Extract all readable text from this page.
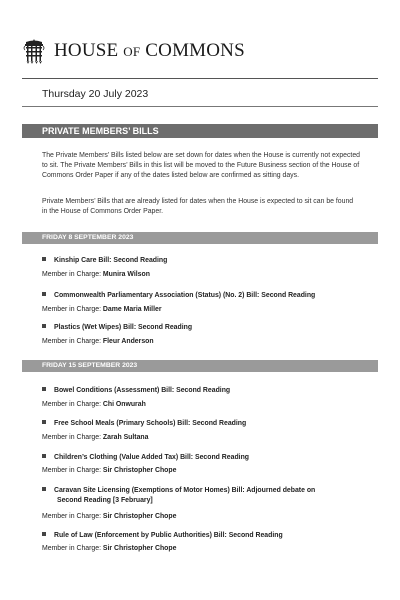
HOUSE OF COMMONS
Thursday 20 July 2023
PRIVATE MEMBERS’ BILLS
The Private Members’ Bills listed below are set down for dates when the House is currently not expected to sit. The Private Members’ Bills in this list will be moved to the Future Business section of the House of Commons Order Paper if any of the dates listed below are confirmed as sitting days.
Private Members’ Bills that are already listed for dates when the House is expected to sit can be found in the House of Commons Order Paper.
FRIDAY 8 SEPTEMBER 2023
Kinship Care Bill: Second Reading
Member in Charge: Munira Wilson
Commonwealth Parliamentary Association (Status) (No. 2) Bill: Second Reading
Member in Charge: Dame Maria Miller
Plastics (Wet Wipes) Bill: Second Reading
Member in Charge: Fleur Anderson
FRIDAY 15 SEPTEMBER 2023
Bowel Conditions (Assessment) Bill: Second Reading
Member in Charge: Chi Onwurah
Free School Meals (Primary Schools) Bill: Second Reading
Member in Charge: Zarah Sultana
Children’s Clothing (Value Added Tax) Bill: Second Reading
Member in Charge: Sir Christopher Chope
Caravan Site Licensing (Exemptions of Motor Homes) Bill: Adjourned debate on
Second Reading [3 February]
Member in Charge: Sir Christopher Chope
Rule of Law (Enforcement by Public Authorities) Bill: Second Reading
Member in Charge: Sir Christopher Chope
